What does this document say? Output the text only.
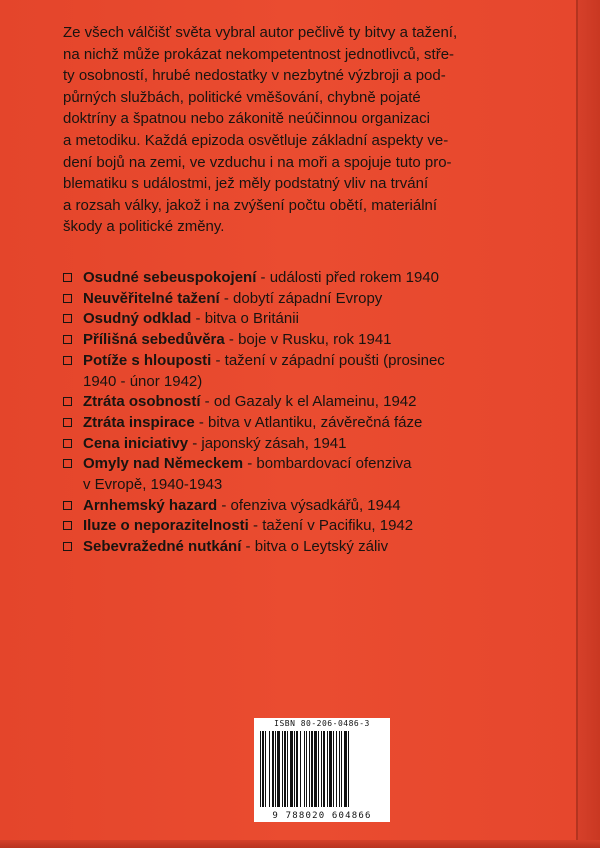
Ze všech válčišť světa vybral autor pečlivě ty bitvy a tažení,
na nichž může prokázat nekompetentnost jednotlivců, stře-
ty osobností, hrubé nedostatky v nezbytné výzbroji a pod-
půrných službách, politické vměšování, chybně pojaté
doktríny a špatnou nebo zákonitě neúčinnou organizaci
a metodiku. Každá epizoda osvětluje základní aspekty ve-
dení bojů na zemi, ve vzduchu i na moři a spojuje tuto pro-
blematiku s událostmi, jež měly podstatný vliv na trvání
a rozsah války, jakož i na zvýšení počtu obětí, materiální
škody a politické změny.
Osudné sebeuspokojení - události před rokem 1940
Neuvěřitelné tažení - dobytí západní Evropy
Osudný odklad - bitva o Británii
Přílišná sebedůvěra - boje v Rusku, rok 1941
Potíže s hlouposti - tažení v západní poušti (prosinec
1940 - únor 1942)
Ztráta osobností - od Gazaly k el Alameinu, 1942
Ztráta inspirace - bitva v Atlantiku, závěrečná fáze
Cena iniciativy - japonský zásah, 1941
Omyly nad Německem - bombardovací ofenziva
v Evropě, 1940-1943
Arnhemský hazard - ofenziva výsadkářů, 1944
Iluze o neporazitelnosti - tažení v Pacifiku, 1942
Sebevražedné nutkání - bitva o Leytský záliv
ISBN 80-206-0486-3
9 788020 604866
